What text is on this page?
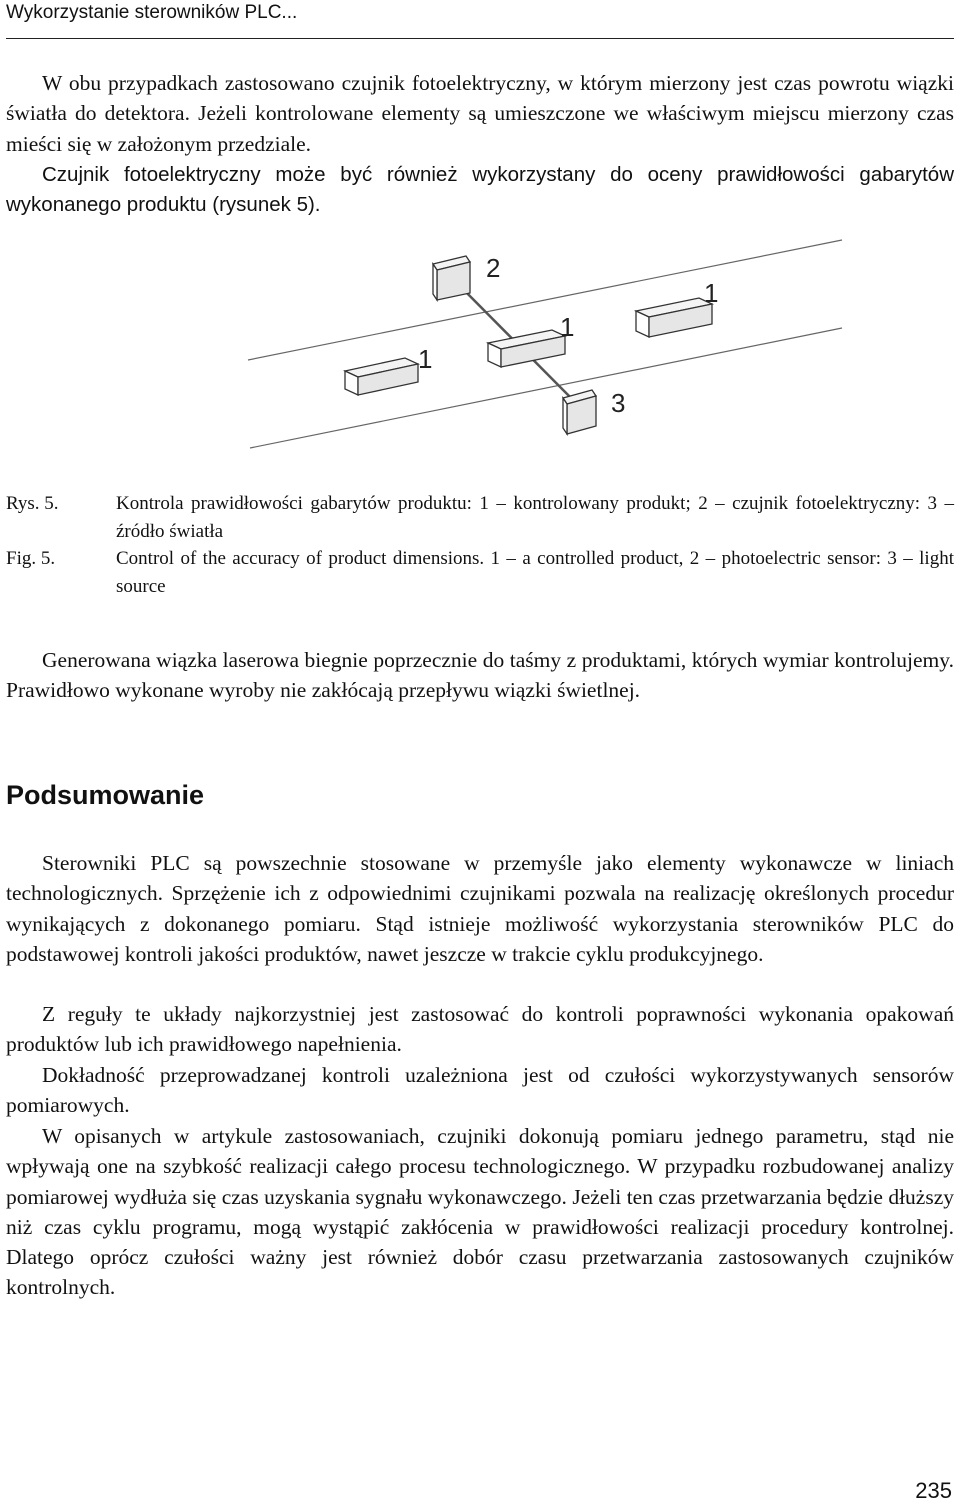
Wykorzystanie sterowników PLC...

W obu przypadkach zastosowano czujnik fotoelektryczny, w którym mierzony jest czas powrotu wiązki światła do detektora. Jeżeli kontrolowane elementy są umieszczone we właściwym miejscu mierzony czas mieści się w założonym przedziale.

Czujnik fotoelektryczny może być również wykorzystany do oceny prawidłowości gabarytów wykonanego produktu (rysunek 5).

2
1
1
1
3

Rys. 5.	Kontrola prawidłowości gabarytów produktu: 1 – kontrolowany produkt; 2 – czujnik fotoelektryczny: 3 – źródło światła

Fig. 5.	Control of the accuracy of product dimensions. 1 – a controlled product, 2 – photoelectric sensor: 3 – light source

Generowana wiązka laserowa biegnie poprzecznie do taśmy z produktami, których wymiar kontrolujemy. Prawidłowo wykonane wyroby nie zakłócają przepływu wiązki świetlnej.

Podsumowanie

Sterowniki PLC są powszechnie stosowane w przemyśle jako elementy wykonawcze w liniach technologicznych. Sprzężenie ich z odpowiednimi czujnikami pozwala na realizację określonych procedur wynikających z dokonanego pomiaru. Stąd istnieje możliwość wykorzystania sterowników PLC do podstawowej kontroli jakości produktów, nawet jeszcze w trakcie cyklu produkcyjnego.

Z reguły te układy najkorzystniej jest zastosować do kontroli poprawności wykonania opakowań produktów lub ich prawidłowego napełnienia.

Dokładność przeprowadzanej kontroli uzależniona jest od czułości wykorzystywanych sensorów pomiarowych.

W opisanych w artykule zastosowaniach, czujniki dokonują pomiaru jednego parametru, stąd nie wpływają one na szybkość realizacji całego procesu technologicznego. W przypadku rozbudowanej analizy pomiarowej wydłuża się czas uzyskania sygnału wykonawczego. Jeżeli ten czas przetwarzania będzie dłuższy niż czas cyklu programu, mogą wystąpić zakłócenia w prawidłowości realizacji procedury kontrolnej. Dlatego oprócz czułości ważny jest również dobór czasu przetwarzania zastosowanych czujników kontrolnych.

235
